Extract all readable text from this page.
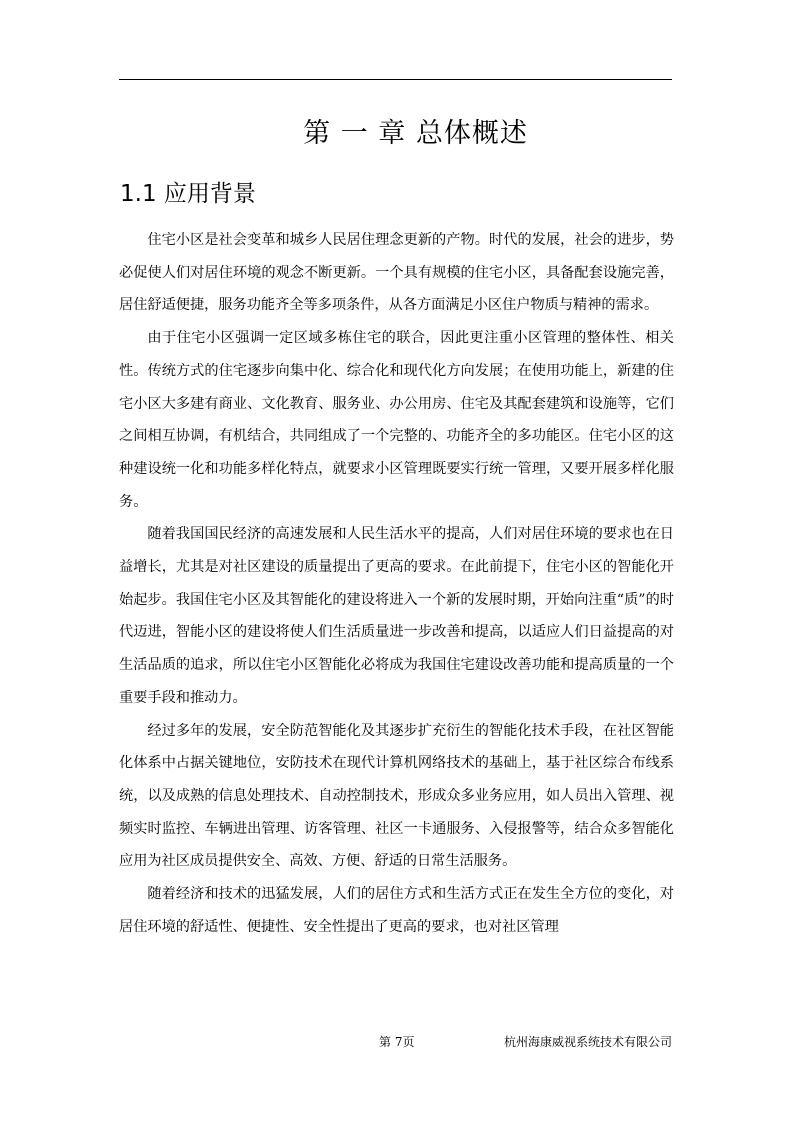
第 一 章 总体概述
1.1 应用背景

住宅小区是社会变革和城乡人民居住理念更新的产物。时代的发展，社会的进步，势必促使人们对居住环境的观念不断更新。一个具有规模的住宅小区，具备配套设施完善，居住舒适便捷，服务功能齐全等多项条件，从各方面满足小区住户物质与精神的需求。

由于住宅小区强调一定区域多栋住宅的联合，因此更注重小区管理的整体性、相关性。传统方式的住宅逐步向集中化、综合化和现代化方向发展；在使用功能上，新建的住宅小区大多建有商业、文化教育、服务业、办公用房、住宅及其配套建筑和设施等，它们之间相互协调，有机结合，共同组成了一个完整的、功能齐全的多功能区。住宅小区的这种建设统一化和功能多样化特点，就要求小区管理既要实行统一管理，又要开展多样化服务。

随着我国国民经济的高速发展和人民生活水平的提高，人们对居住环境的要求也在日益增长，尤其是对社区建设的质量提出了更高的要求。在此前提下，住宅小区的智能化开始起步。我国住宅小区及其智能化的建设将进入一个新的发展时期，开始向注重“质”的时代迈进，智能小区的建设将使人们生活质量进一步改善和提高，以适应人们日益提高的对生活品质的追求，所以住宅小区智能化必将成为我国住宅建设改善功能和提高质量的一个重要手段和推动力。

经过多年的发展，安全防范智能化及其逐步扩充衍生的智能化技术手段，在社区智能化体系中占据关键地位，安防技术在现代计算机网络技术的基础上，基于社区综合布线系统，以及成熟的信息处理技术、自动控制技术，形成众多业务应用，如人员出入管理、视频实时监控、车辆进出管理、访客管理、社区一卡通服务、入侵报警等，结合众多智能化应用为社区成员提供安全、高效、方便、舒适的日常生活服务。

随着经济和技术的迅猛发展，人们的居住方式和生活方式正在发生全方位的变化，对居住环境的舒适性、便捷性、安全性提出了更高的要求，也对社区管理

第 7页	杭州海康威视系统技术有限公司
